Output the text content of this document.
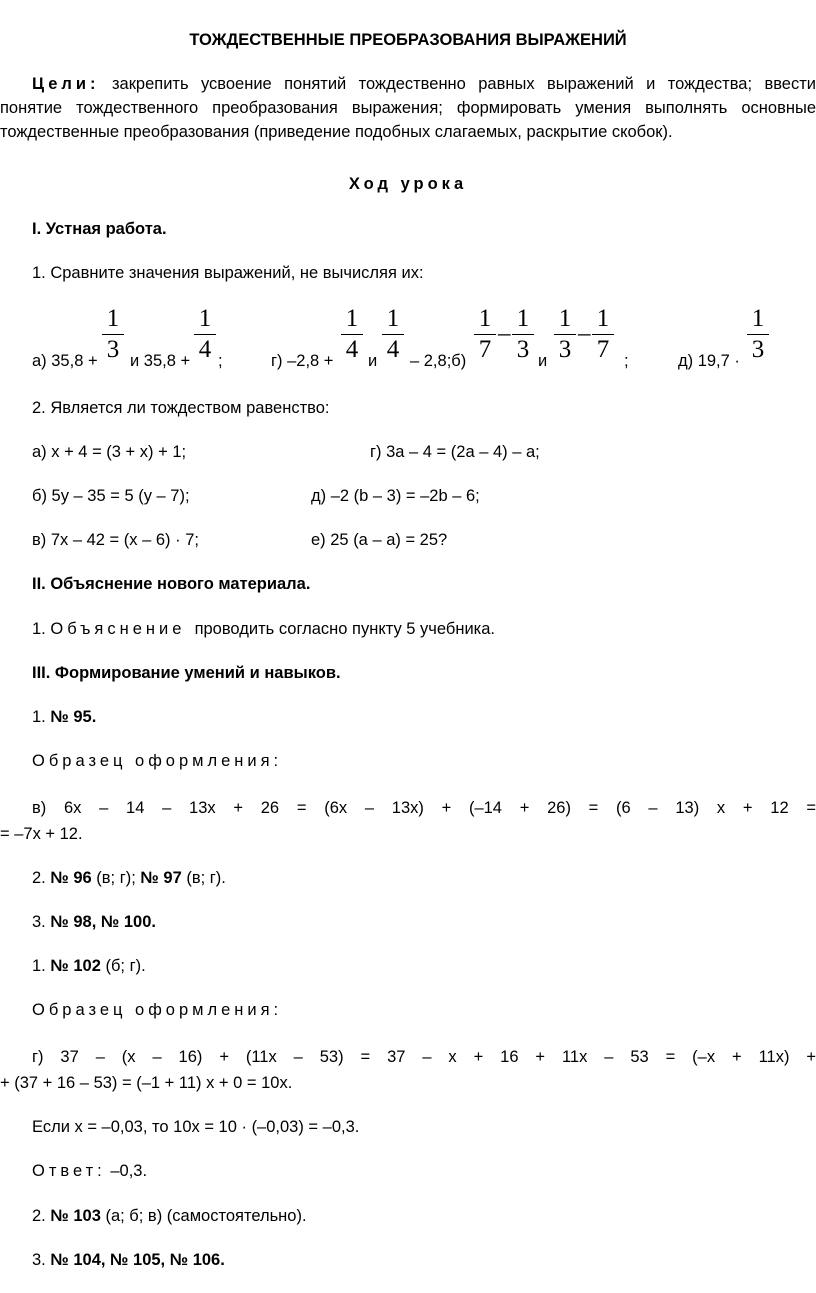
ТОЖДЕСТВЕННЫЕ ПРЕОБРАЗОВАНИЯ ВЫРАЖЕНИЙ
Цели: закрепить усвоение понятий тождественно равных выражений и тождества; ввести
понятие тождественного преобразования выражения; формировать умения выполнять основные
тождественные преобразования (приведение подобных слагаемых, раскрытие скобок).
Ход урока
I. Устная работа.
1. Сравните значения выражений, не вычисляя их:
а) 35,8 +
1
3 и 35,8 +
1
4 ;	г) –2,8 +
1
4 и
1
4 – 2,8;б)
1
7
–
1
3 и
1
3
–
1
7 ;	д) 19,7 ·
1
3
2. Является ли тождеством равенство:
а) x + 4 = (3 + x) + 1;	г) 3a – 4 = (2a – 4) – a;
б) 5y – 35 = 5 (y – 7);	д) –2 (b – 3) = –2b – 6;
в) 7x – 42 = (x – 6) · 7;	е) 25 (a – a) = 25?
II. Объяснение нового материала.
1. Объяснение проводить согласно пункту 5 учебника.
III. Формирование умений и навыков.
1. № 95.
Образец оформления:
в) 6x – 14 – 13x + 26 = (6x – 13x) + (–14 + 26) = (6 – 13) x + 12 =
= –7x + 12.
2. № 96 (в; г); № 97 (в; г).
3. № 98, № 100.
1. № 102 (б; г).
Образец оформления:
г) 37 – (x – 16) + (11x – 53) = 37 – x + 16 + 11x – 53 = (–x + 11x) +
+ (37 + 16 – 53) = (–1 + 11) x + 0 = 10x.
Если x = –0,03, то 10x = 10 · (–0,03) = –0,3.
Ответ: –0,3.
2. № 103 (а; б; в) (самостоятельно).
3. № 104, № 105, № 106.
